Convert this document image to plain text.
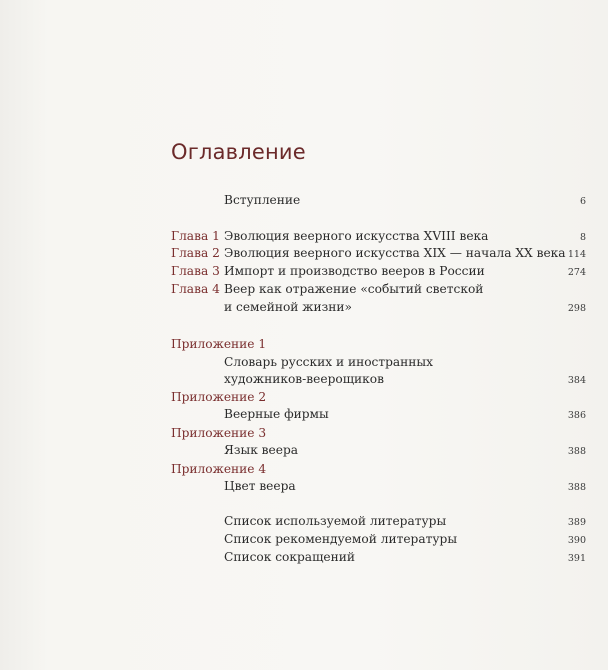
Оглавление
Вступление	6
Глава 1 Эволюция веерного искусства XVIII века	8
Глава 2 Эволюция веерного искусства XIX — начала XX века 114
Глава 3 Импорт и производство вееров в России	274
Глава 4 Веер как отражение «событий светской
и семейной жизни»	298
Приложение 1
Словарь русских и иностранных
художников-веерощиков	384
Приложение 2
Веерные фирмы	386
Приложение 3
Язык веера	388
Приложение 4
Цвет веера	388
Список используемой литературы	389
Список рекомендуемой литературы	390
Список сокращений	391
